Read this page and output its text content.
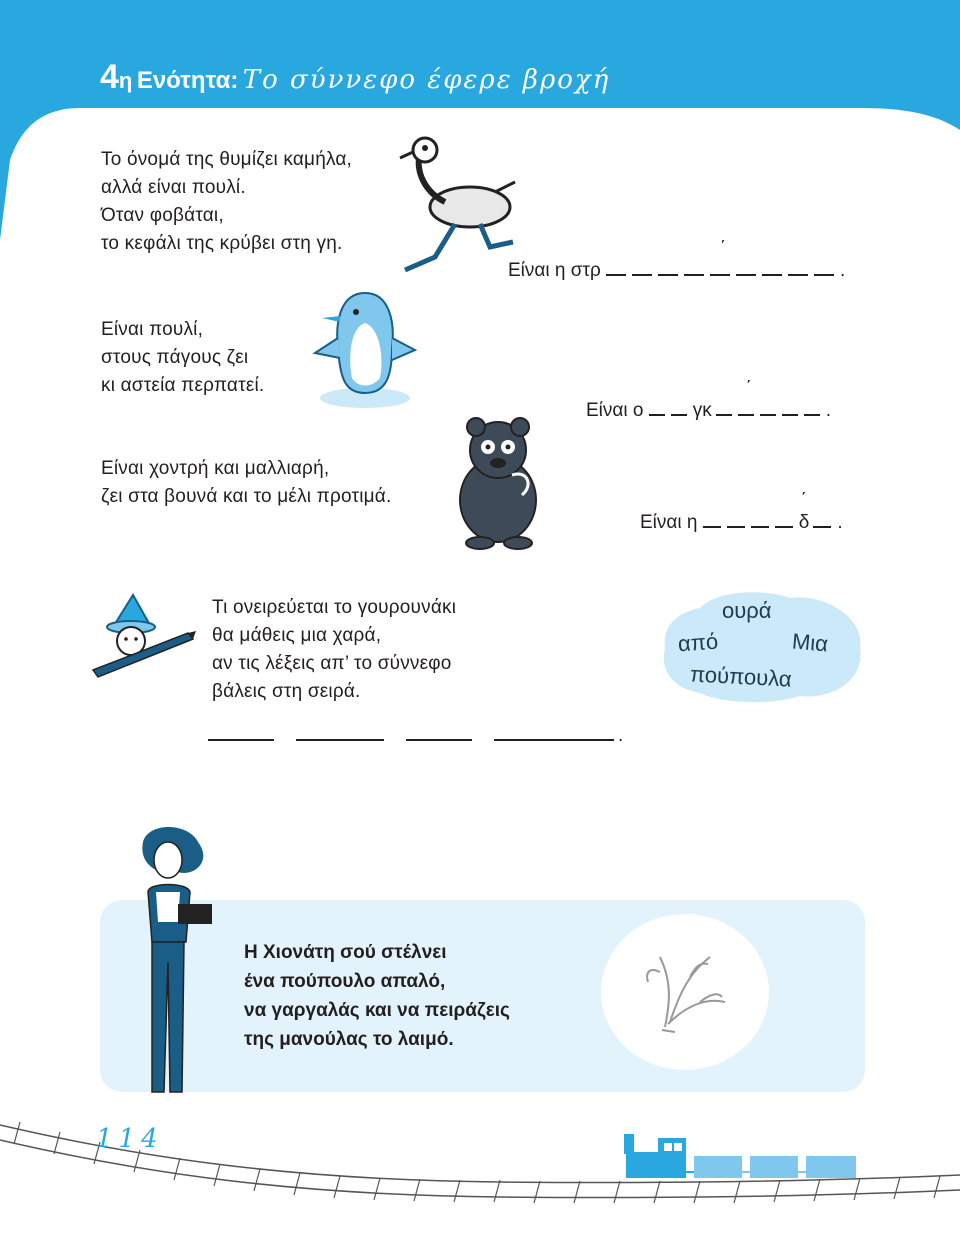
4η Ενότητα: Το σύννεφο έφερε βροχή
Το όνομά της θυμίζει καμήλα,
αλλά είναι πουλί.
Όταν φοβάται,
το κεφάλι της κρύβει στη γη.
Είναι η στρ
΄
.
Είναι πουλί,
στους πάγους ζει
κι αστεία περπατεί.
Είναι ο	γκ
΄
.
Είναι χοντρή και μαλλιαρή,
ζει στα βουνά και το μέλι προτιμά.
Είναι η
΄
δ .
Τι ονειρεύεται το γουρουνάκι
θα μάθεις μια χαρά,
αν τις λέξεις απ’ το σύννεφο
βάλεις στη σειρά.
ουρά
από	Μια
πούπουλα
.
Η Χιονάτη σού στέλνει
ένα πούπουλο απαλό,
να γαργαλάς και να πειράζεις
της μανούλας το λαιμό.
114
